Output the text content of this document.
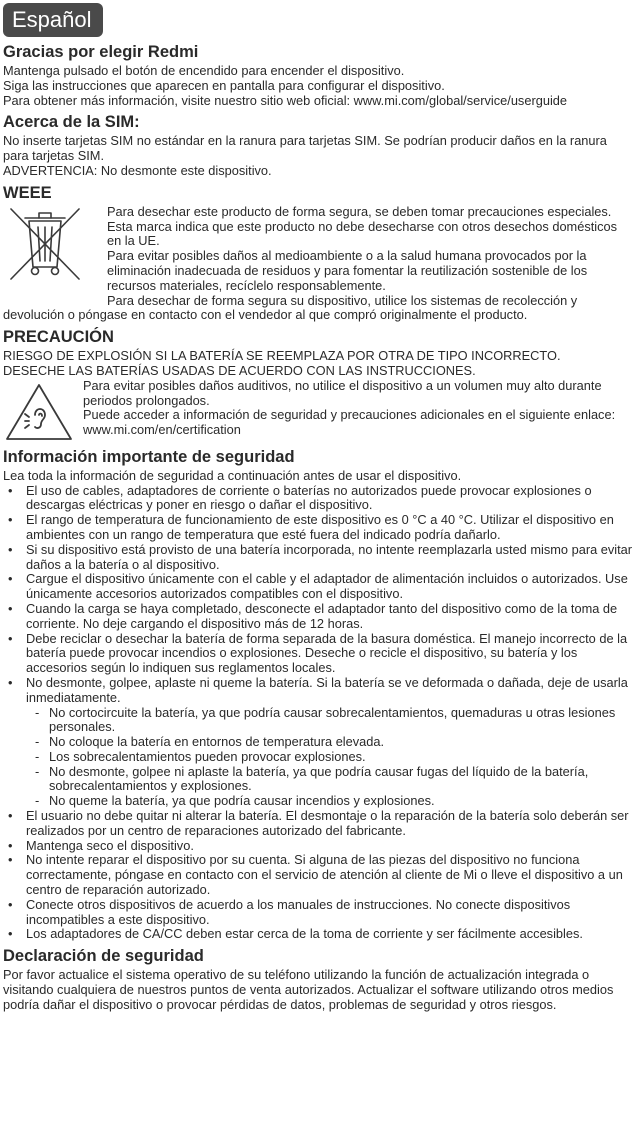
Español
Gracias por elegir Redmi

Mantenga pulsado el botón de encendido para encender el dispositivo.

Siga las instrucciones que aparecen en pantalla para configurar el dispositivo.

Para obtener más información, visite nuestro sitio web oficial: www.mi.com/global/service/userguide

Acerca de la SIM:

No inserte tarjetas SIM no estándar en la ranura para tarjetas SIM. Se podrían producir daños en la ranura para tarjetas SIM.

ADVERTENCIA: No desmonte este dispositivo.

WEEE

Para desechar este producto de forma segura, se deben tomar precauciones especiales. Esta marca indica que este producto no debe desecharse con otros desechos domésticos en la UE.

Para evitar posibles daños al medioambiente o a la salud humana provocados por la eliminación inadecuada de residuos y para fomentar la reutilización sostenible de los recursos materiales, recíclelo responsablemente.

Para desechar de forma segura su dispositivo, utilice los sistemas de recolección y

devolución o póngase en contacto con el vendedor al que compró originalmente el producto.

PRECAUCIÓN

RIESGO DE EXPLOSIÓN SI LA BATERÍA SE REEMPLAZA POR OTRA DE TIPO INCORRECTO.

DESECHE LAS BATERÍAS USADAS DE ACUERDO CON LAS INSTRUCCIONES.

Para evitar posibles daños auditivos, no utilice el dispositivo a un volumen muy alto durante periodos prolongados.

Puede acceder a información de seguridad y precauciones adicionales en el siguiente enlace: www.mi.com/en/certification

Información importante de seguridad

Lea toda la información de seguridad a continuación antes de usar el dispositivo.

• El uso de cables, adaptadores de corriente o baterías no autorizados puede provocar explosiones o descargas eléctricas y poner en riesgo o dañar el dispositivo.
• El rango de temperatura de funcionamiento de este dispositivo es 0 °C a 40 °C. Utilizar el dispositivo en ambientes con un rango de temperatura que esté fuera del indicado podría dañarlo.
• Si su dispositivo está provisto de una batería incorporada, no intente reemplazarla usted mismo para evitar daños a la batería o al dispositivo.
• Cargue el dispositivo únicamente con el cable y el adaptador de alimentación incluidos o autorizados. Use únicamente accesorios autorizados compatibles con el dispositivo.
• Cuando la carga se haya completado, desconecte el adaptador tanto del dispositivo como de la toma de corriente. No deje cargando el dispositivo más de 12 horas.
• Debe reciclar o desechar la batería de forma separada de la basura doméstica. El manejo incorrecto de la batería puede provocar incendios o explosiones. Deseche o recicle el dispositivo, su batería y los accesorios según lo indiquen sus reglamentos locales.
• No desmonte, golpee, aplaste ni queme la batería. Si la batería se ve deformada o dañada, deje de usarla inmediatamente.
- No cortocircuite la batería, ya que podría causar sobrecalentamientos, quemaduras u otras lesiones personales.
- No coloque la batería en entornos de temperatura elevada.
- Los sobrecalentamientos pueden provocar explosiones.
- No desmonte, golpee ni aplaste la batería, ya que podría causar fugas del líquido de la batería, sobrecalentamientos y explosiones.
- No queme la batería, ya que podría causar incendios y explosiones.
• El usuario no debe quitar ni alterar la batería. El desmontaje o la reparación de la batería solo deberán ser realizados por un centro de reparaciones autorizado del fabricante.
• Mantenga seco el dispositivo.
• No intente reparar el dispositivo por su cuenta. Si alguna de las piezas del dispositivo no funciona correctamente, póngase en contacto con el servicio de atención al cliente de Mi o lleve el dispositivo a un centro de reparación autorizado.
• Conecte otros dispositivos de acuerdo a los manuales de instrucciones. No conecte dispositivos incompatibles a este dispositivo.
• Los adaptadores de CA/CC deben estar cerca de la toma de corriente y ser fácilmente accesibles.
Declaración de seguridad

Por favor actualice el sistema operativo de su teléfono utilizando la función de actualización integrada o visitando cualquiera de nuestros puntos de venta autorizados. Actualizar el software utilizando otros medios podría dañar el dispositivo o provocar pérdidas de datos, problemas de seguridad y otros riesgos.
